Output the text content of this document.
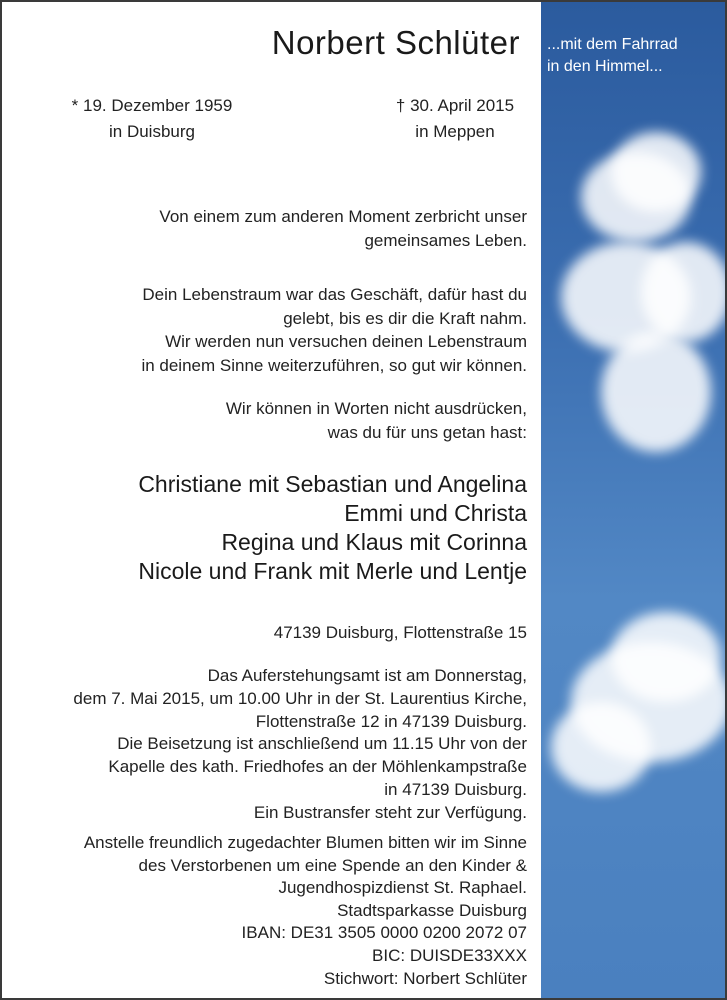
...mit dem Fahrrad
in den Himmel...
Norbert Schlüter
* 19. Dezember 1959
in Duisburg
† 30. April 2015
in Meppen
Von einem zum anderen Moment zerbricht unser
gemeinsames Leben.
Dein Lebenstraum war das Geschäft, dafür hast du
gelebt, bis es dir die Kraft nahm.
Wir werden nun versuchen deinen Lebenstraum
in deinem Sinne weiterzuführen, so gut wir können.
Wir können in Worten nicht ausdrücken,
was du für uns getan hast:
Christiane mit Sebastian und Angelina
Emmi und Christa
Regina und Klaus mit Corinna
Nicole und Frank mit Merle und Lentje
47139 Duisburg, Flottenstraße 15
Das Auferstehungsamt ist am Donnerstag,
dem 7. Mai 2015, um 10.00 Uhr in der St. Laurentius Kirche,
Flottenstraße 12 in 47139 Duisburg.
Die Beisetzung ist anschließend um 11.15 Uhr von der
Kapelle des kath. Friedhofes an der Möhlenkampstraße
in 47139 Duisburg.
Ein Bustransfer steht zur Verfügung.
Anstelle freundlich zugedachter Blumen bitten wir im Sinne
des Verstorbenen um eine Spende an den Kinder &
Jugendhospizdienst St. Raphael.
Stadtsparkasse Duisburg
IBAN: DE31 3505 0000 0200 2072 07
BIC: DUISDE33XXX
Stichwort: Norbert Schlüter
